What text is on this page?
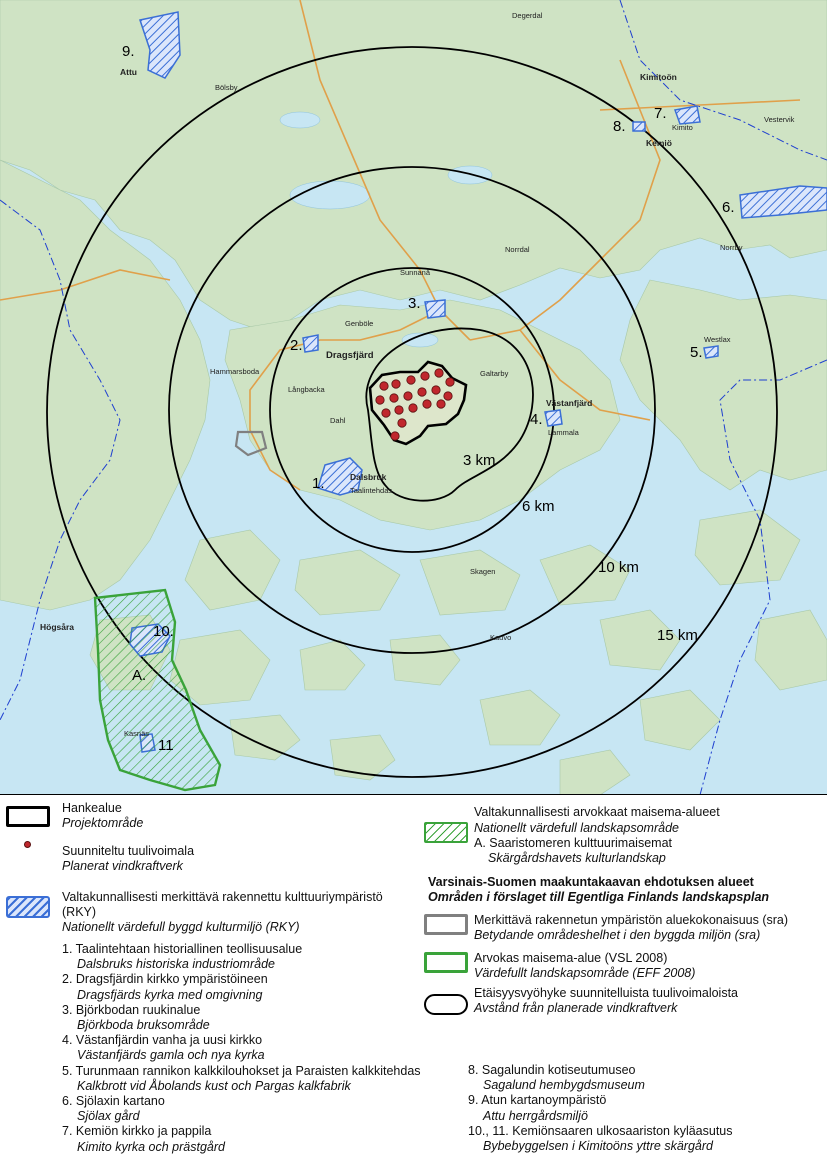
3 km
6 km
10 km
15 km
1.
2.
3.
4.
5.
6.
7.
8.
9.
10.
11
A.
Dragsfjärd
Dalsbruk
Kimitoön
Västanfjärd
Högsåra
Kemiö
Attu
Taalintehdas
Kimito
Genböle
Sunnanå
Norrdal
Kasnäs
Degerdal
Galtarby
Norrby
Westlax
Bölsby
Hammarsboda
Dahl
Långbacka
Lammala
Skagen
Kauvo
Vestervik
Hankealue
Projektområde
Suunniteltu tuulivoimala
Planerat vindkraftverk
Valtakunnallisesti merkittävä rakennettu kulttuuriympäristö
(RKY)
Nationellt värdefull byggd kulturmiljö (RKY)
1. Taalintehtaan historiallinen teollisuusalue
Dalsbruks historiska industriområde
2. Dragsfjärdin kirkko ympäristöineen
Dragsfjärds kyrka med omgivning
3. Björkbodan ruukinalue
Björkboda bruksområde
4. Västanfjärdin vanha ja uusi kirkko
Västanfjärds gamla och nya kyrka
5. Turunmaan rannikon kalkkilouhokset ja Paraisten kalkkitehdas
Kalkbrott vid Åbolands kust och Pargas kalkfabrik
6. Sjölaxin kartano
Sjölax gård
7. Kemiön kirkko ja pappila
Kimito kyrka och prästgård
Valtakunnallisesti arvokkaat maisema-alueet
Nationellt värdefull landskapsområde
A. Saaristomeren kulttuurimaisemat
Skärgårdshavets kulturlandskap
Varsinais-Suomen maakuntakaavan ehdotuksen alueet
Områden i förslaget till Egentliga Finlands landskapsplan
Merkittävä rakennetun ympäristön aluekokonaisuus (sra)
Betydande områdeshelhet i den byggda miljön (sra)
Arvokas maisema-alue (VSL 2008)
Värdefullt landskapsområde (EFF 2008)
Etäisyysvyöhyke suunnitelluista tuulivoimaloista
Avstånd från planerade vindkraftverk
8. Sagalundin kotiseutumuseo
Sagalund hembygdsmuseum
9. Atun kartanoympäristö
Attu herrgårdsmiljö
10., 11. Kemiönsaaren ulkosaariston kyläasutus
Bybebyggelsen i Kimitoöns yttre skärgård
